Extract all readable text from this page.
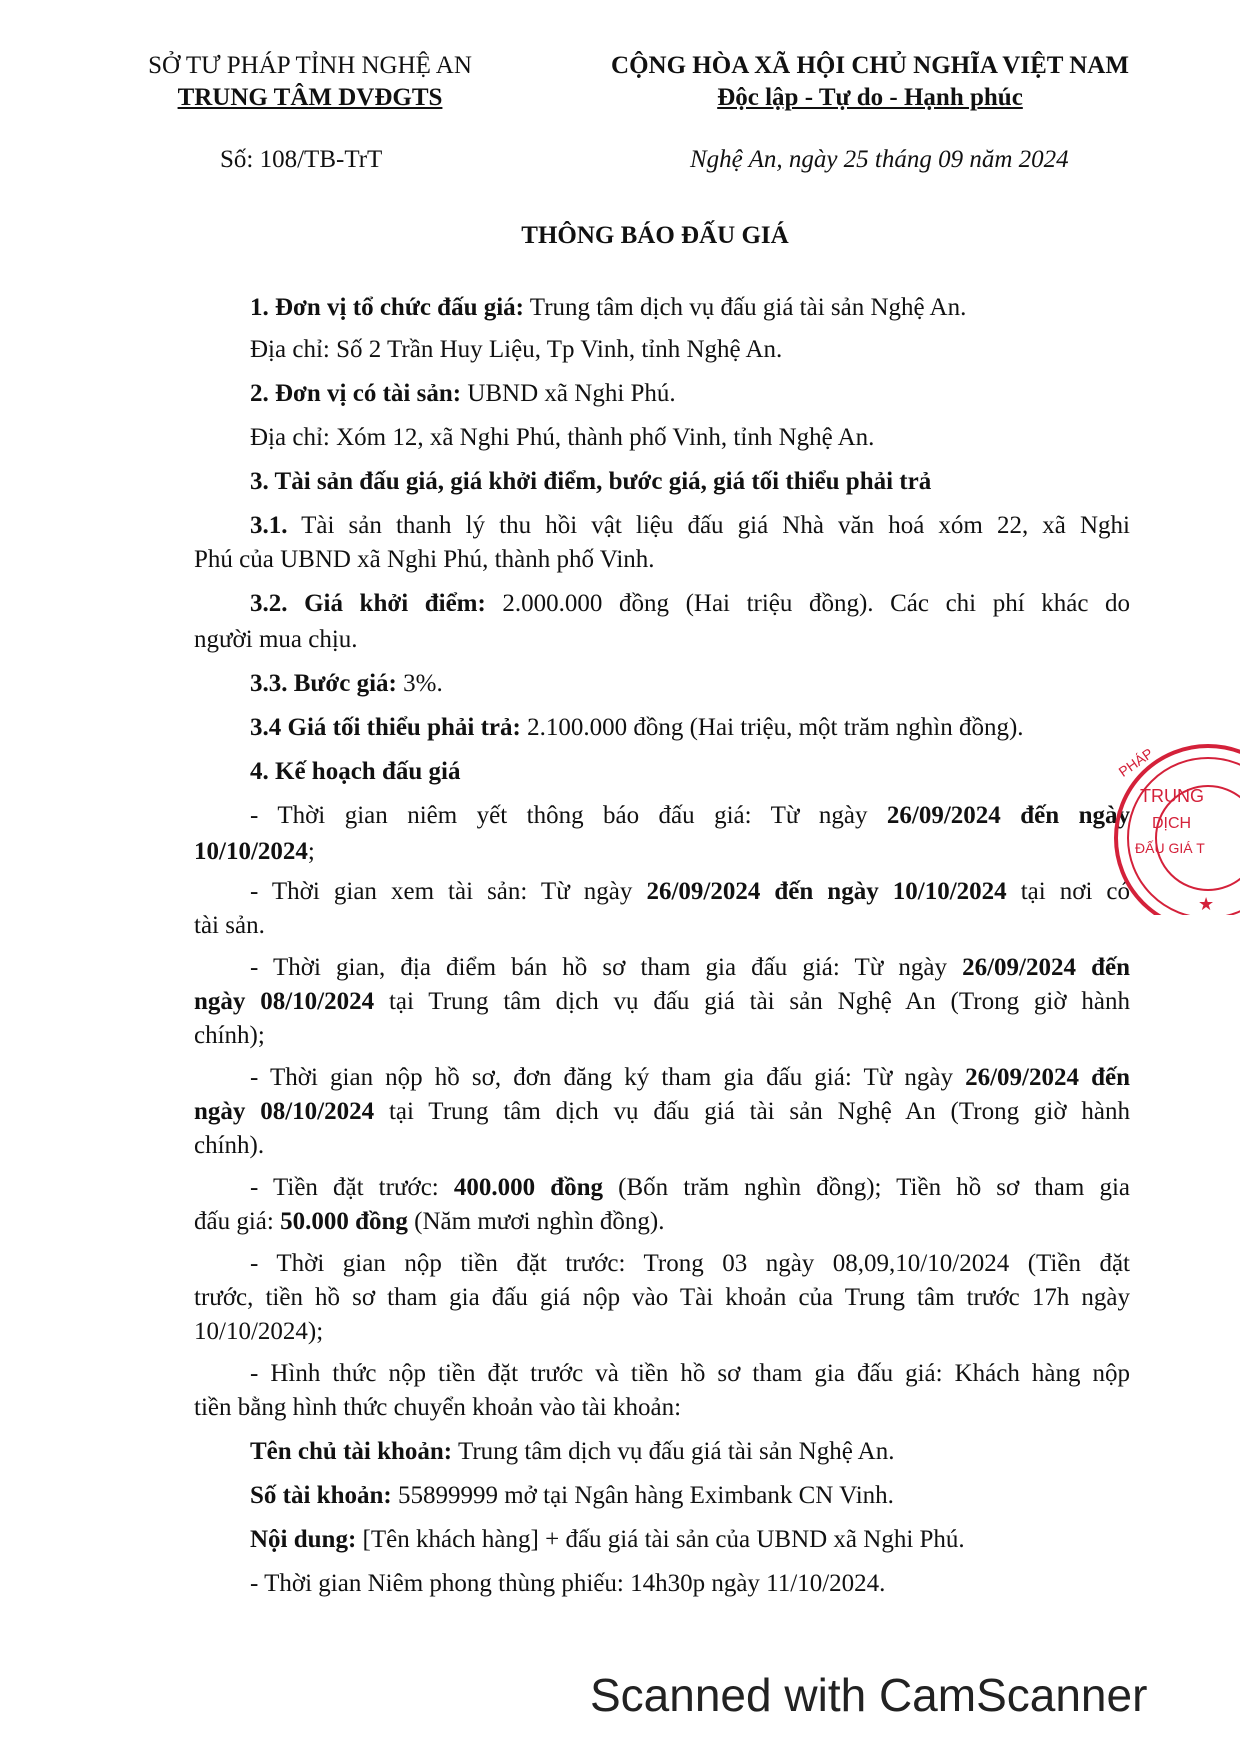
SỞ TƯ PHÁP TỈNH NGHỆ AN
TRUNG TÂM DVĐGTS
CỘNG HÒA XÃ HỘI CHỦ NGHĨA VIỆT NAM
Độc lập - Tự do - Hạnh phúc
Số: 108/TB-TrT	Nghệ An, ngày 25 tháng 09 năm 2024
THÔNG BÁO ĐẤU GIÁ
1. Đơn vị tổ chức đấu giá: Trung tâm dịch vụ đấu giá tài sản Nghệ An.
Địa chỉ: Số 2 Trần Huy Liệu, Tp Vinh, tỉnh Nghệ An.
2. Đơn vị có tài sản: UBND xã Nghi Phú.
Địa chỉ: Xóm 12, xã Nghi Phú, thành phố Vinh, tỉnh Nghệ An.
3. Tài sản đấu giá, giá khởi điểm, bước giá, giá tối thiểu phải trả
3.1. Tài sản thanh lý thu hồi vật liệu đấu giá Nhà văn hoá xóm 22, xã Nghi
Phú của UBND xã Nghi Phú, thành phố Vinh.
3.2. Giá khởi điểm: 2.000.000 đồng (Hai triệu đồng). Các chi phí khác do
người mua chịu.
3.3. Bước giá: 3%.
3.4 Giá tối thiểu phải trả: 2.100.000 đồng (Hai triệu, một trăm nghìn đồng).
4. Kế hoạch đấu giá
- Thời gian niêm yết thông báo đấu giá: Từ ngày 26/09/2024 đến ngày
10/10/2024;
- Thời gian xem tài sản: Từ ngày 26/09/2024 đến ngày 10/10/2024 tại nơi có
tài sản.
- Thời gian, địa điểm bán hồ sơ tham gia đấu giá: Từ ngày 26/09/2024 đến
ngày 08/10/2024 tại Trung tâm dịch vụ đấu giá tài sản Nghệ An (Trong giờ hành
chính);
- Thời gian nộp hồ sơ, đơn đăng ký tham gia đấu giá: Từ ngày 26/09/2024 đến
ngày 08/10/2024 tại Trung tâm dịch vụ đấu giá tài sản Nghệ An (Trong giờ hành
chính).
- Tiền đặt trước: 400.000 đồng (Bốn trăm nghìn đồng); Tiền hồ sơ tham gia
đấu giá: 50.000 đồng (Năm mươi nghìn đồng).
- Thời gian nộp tiền đặt trước: Trong 03 ngày 08,09,10/10/2024 (Tiền đặt
trước, tiền hồ sơ tham gia đấu giá nộp vào Tài khoản của Trung tâm trước 17h ngày
10/10/2024);
- Hình thức nộp tiền đặt trước và tiền hồ sơ tham gia đấu giá: Khách hàng nộp
tiền bằng hình thức chuyển khoản vào tài khoản:
Tên chủ tài khoản: Trung tâm dịch vụ đấu giá tài sản Nghệ An.
Số tài khoản: 55899999 mở tại Ngân hàng Eximbank CN Vinh.
Nội dung: [Tên khách hàng] + đấu giá tài sản của UBND xã Nghi Phú.
- Thời gian Niêm phong thùng phiếu: 14h30p ngày 11/10/2024.
PHÁP
TRUNG
DỊCH
ĐẤU GIÁ T
★
Scanned with CamScanner
